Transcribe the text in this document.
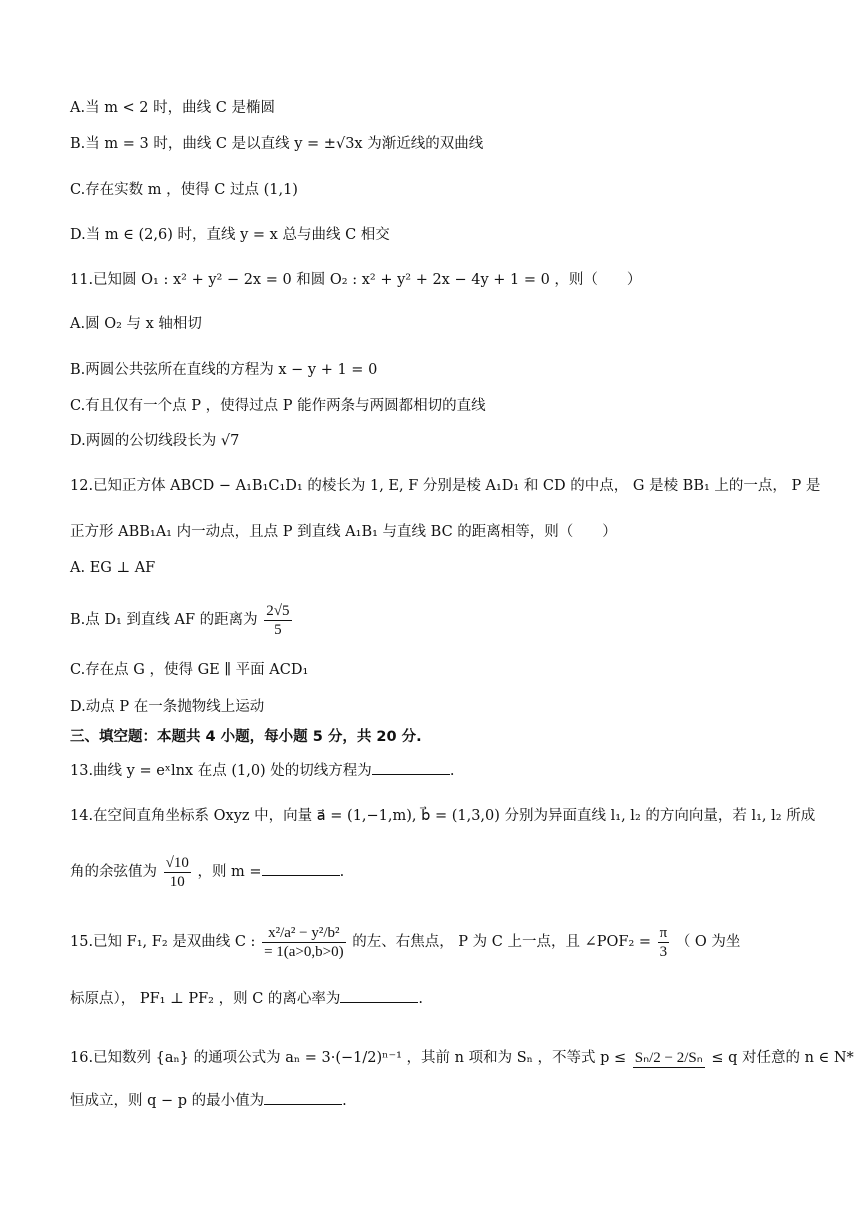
A.当 m < 2 时，曲线 C 是椭圆
B.当 m = 3 时，曲线 C 是以直线 y = ±√3x 为渐近线的双曲线
C.存在实数 m ，使得 C 过点 (1,1)
D.当 m ∈ (2,6) 时，直线 y = x 总与曲线 C 相交
11.已知圆 O₁ : x² + y² − 2x = 0 和圆 O₂ : x² + y² + 2x − 4y + 1 = 0 ，则（　　）
A.圆 O₂ 与 x 轴相切
B.两圆公共弦所在直线的方程为 x − y + 1 = 0
C.有且仅有一个点 P ，使得过点 P 能作两条与两圆都相切的直线
D.两圆的公切线段长为 √7
12.已知正方体 ABCD − A₁B₁C₁D₁ 的棱长为 1, E, F 分别是棱 A₁D₁ 和 CD 的中点， G 是棱 BB₁ 上的一点， P 是
正方形 ABB₁A₁ 内一动点，且点 P 到直线 A₁B₁ 与直线 BC 的距离相等，则（　　）
A. EG ⊥ AF
B.点 D₁ 到直线 AF 的距离为 $\frac{2√5}{5}$
C.存在点 G ，使得 GE ∥ 平面 ACD₁
D.动点 P 在一条抛物线上运动
三、填空题：本题共 4 小题，每小题 5 分，共 20 分.
13.曲线 y = eˣlnx 在点 (1,0) 处的切线方程为	.
14.在空间直角坐标系 Oxyz 中，向量 a⃗ = (1,−1,m), b⃗ = (1,3,0) 分别为异面直线 l₁, l₂ 的方向向量，若 l₁, l₂ 所成
角的余弦值为 $\frac{√10}{10}$ ，则 m =	.
15.已知 F₁, F₂ 是双曲线 C : $\frac{\text{x²/a² − y²/b²}}{= 1(a>0,b>0)}$ 的左、右焦点， P 为 C 上一点，且 ∠POF₂ = $\frac{\pi}{3}$ （ O 为坐
标原点）， PF₁ ⊥ PF₂ ，则 C 的离心率为	.
16.已知数列 {aₙ} 的通项公式为 aₙ = 3·(−1/2)ⁿ⁻¹ ，其前 n 项和为 Sₙ ，不等式 p ≤ Sₙ/2 − 2/Sₙ ≤ q 对任意的 n ∈ N*
恒成立，则 q − p 的最小值为	.
